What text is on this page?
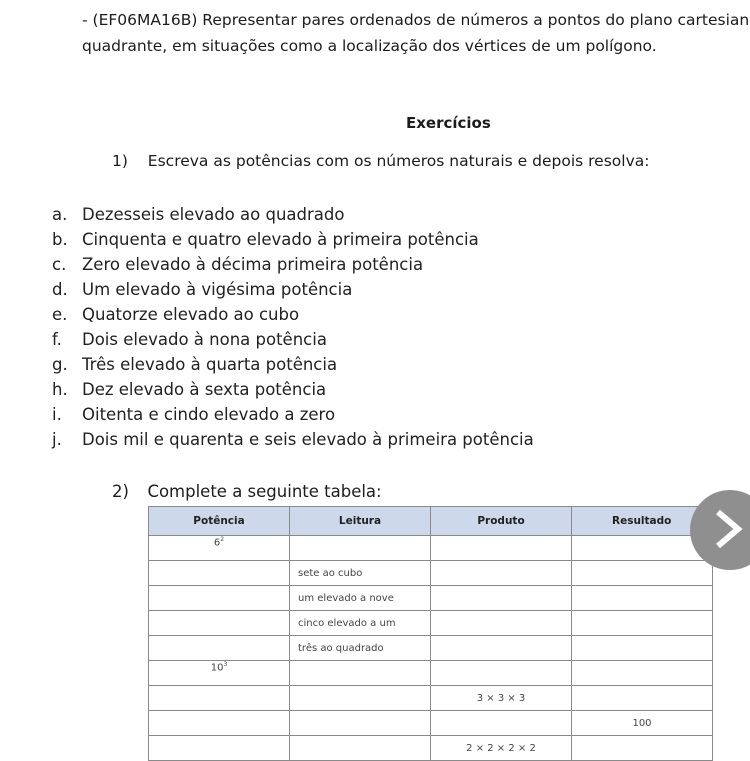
- (EF06MA16B) Representar pares ordenados de números a pontos do plano cartesian
quadrante, em situações como a localização dos vértices de um polígono.
Exercícios
1) Escreva as potências com os números naturais e depois resolva:
a. Dezesseis elevado ao quadrado
b. Cinquenta e quatro elevado à primeira potência
c. Zero elevado à décima primeira potência
d. Um elevado à vigésima potência
e. Quatorze elevado ao cubo
f. Dois elevado à nona potência
g. Três elevado à quarta potência
h. Dez elevado à sexta potência
i. Oitenta e cindo elevado a zero
j. Dois mil e quarenta e seis elevado à primeira potência
2) Complete a seguinte tabela:
Potência	Leitura	Produto	Resultado
$6^2$			
	sete ao cubo		
	um elevado a nove		
	cinco elevado a um		
	três ao quadrado		
$10^3$			
		3 × 3 × 3	
			100
		2 × 2 × 2 × 2	
